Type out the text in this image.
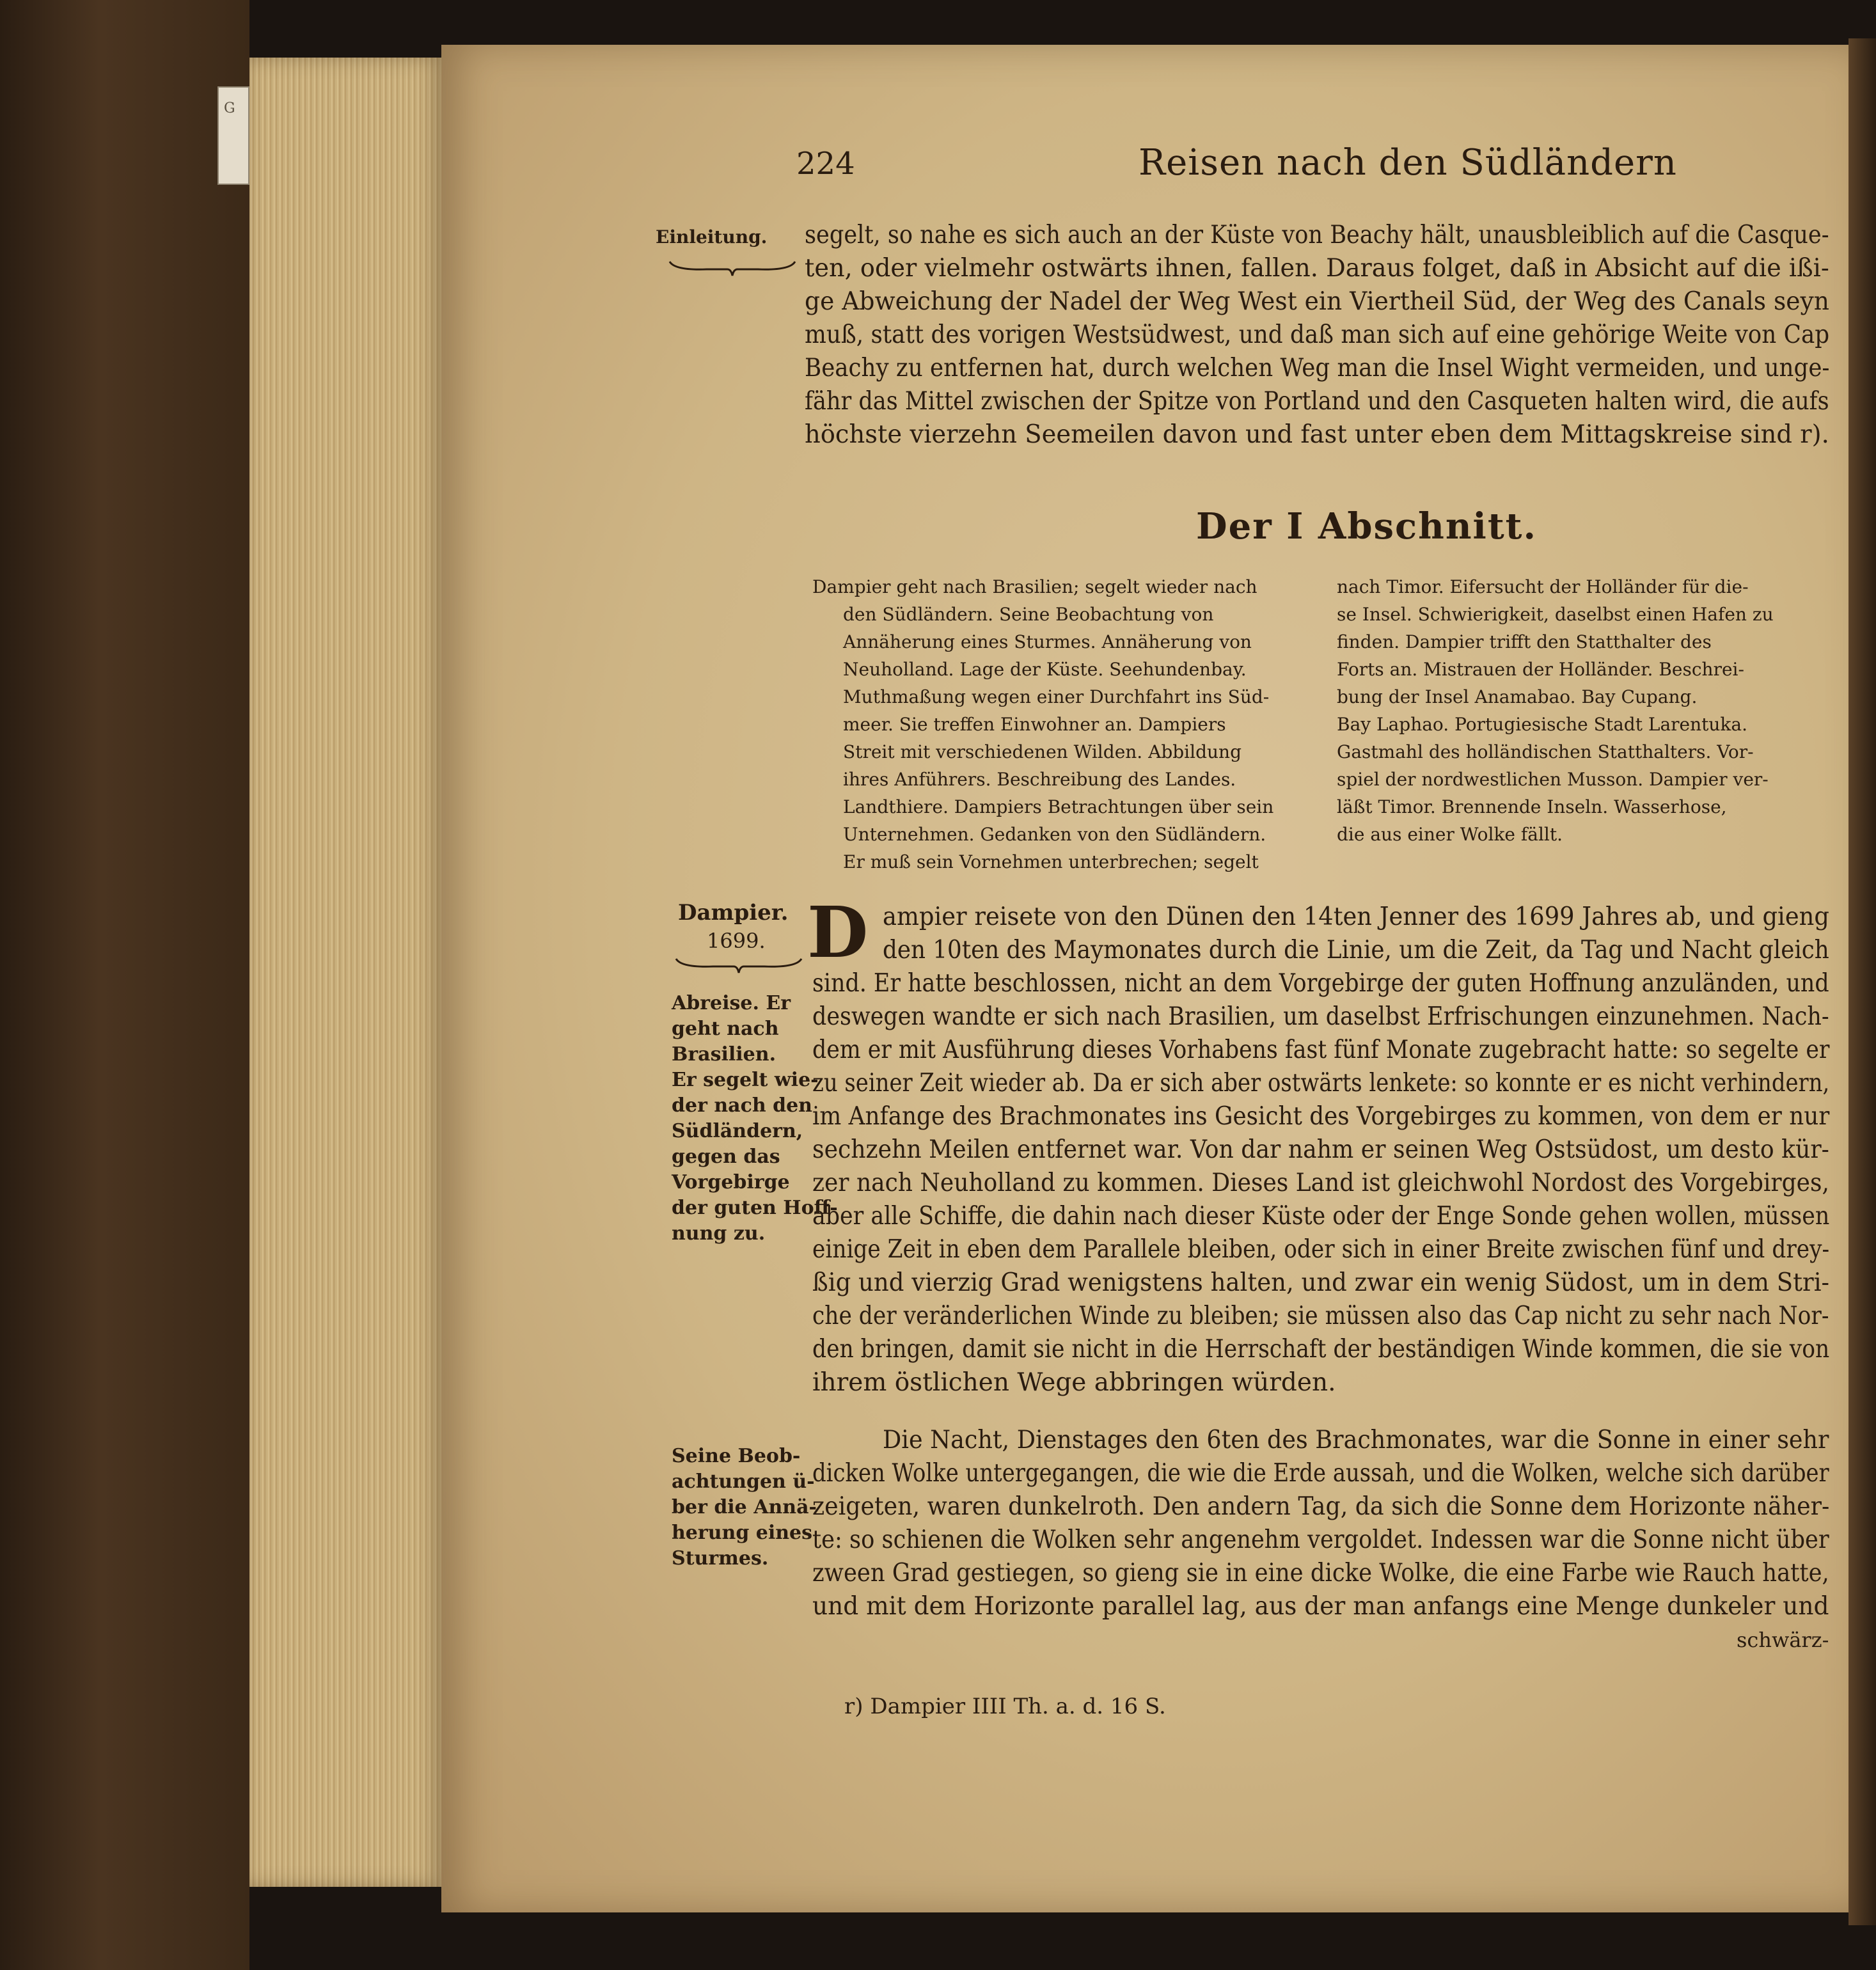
G
224	Reisen nach den Südländern
Einleitung. segelt, so nahe es sich auch an der Küste von Beachy hält, unausbleiblich auf die Casque-
ten, oder vielmehr ostwärts ihnen, fallen. Daraus folget, daß in Absicht auf die ißi-
ge Abweichung der Nadel der Weg West ein Viertheil Süd, der Weg des Canals seyn
muß, statt des vorigen Westsüdwest, und daß man sich auf eine gehörige Weite von Cap
Beachy zu entfernen hat, durch welchen Weg man die Insel Wight vermeiden, und unge-
fähr das Mittel zwischen der Spitze von Portland und den Casqueten halten wird, die aufs
höchste vierzehn Seemeilen davon und fast unter eben dem Mittagskreise sind r).
Der I Abschnitt.
Dampier geht nach Brasilien; segelt wieder nach
den Südländern. Seine Beobachtung von
Annäherung eines Sturmes. Annäherung von
Neuholland. Lage der Küste. Seehundenbay.
Muthmaßung wegen einer Durchfahrt ins Süd-
meer. Sie treffen Einwohner an. Dampiers
Streit mit verschiedenen Wilden. Abbildung
ihres Anführers. Beschreibung des Landes.
Landthiere. Dampiers Betrachtungen über sein
Unternehmen. Gedanken von den Südländern.
Er muß sein Vornehmen unterbrechen; segelt
nach Timor. Eifersucht der Holländer für die-
se Insel. Schwierigkeit, daselbst einen Hafen zu
finden. Dampier trifft den Statthalter des
Forts an. Mistrauen der Holländer. Beschrei-
bung der Insel Anamabao. Bay Cupang.
Bay Laphao. Portugiesische Stadt Larentuka.
Gastmahl des holländischen Statthalters. Vor-
spiel der nordwestlichen Musson. Dampier ver-
läßt Timor. Brennende Inseln. Wasserhose,
die aus einer Wolke fällt.
Dampier.
1699.
Abreise. Er
geht nach
Brasilien.
Er segelt wie-
der nach den
Südländern,
gegen das
Vorgebirge
der guten Hoff-
nung zu.
D ampier reisete von den Dünen den 14ten Jenner des 1699 Jahres ab, und gieng
den 10ten des Maymonates durch die Linie, um die Zeit, da Tag und Nacht gleich
sind. Er hatte beschlossen, nicht an dem Vorgebirge der guten Hoffnung anzuländen, und
deswegen wandte er sich nach Brasilien, um daselbst Erfrischungen einzunehmen. Nach-
dem er mit Ausführung dieses Vorhabens fast fünf Monate zugebracht hatte: so segelte er
zu seiner Zeit wieder ab. Da er sich aber ostwärts lenkete: so konnte er es nicht verhindern,
im Anfange des Brachmonates ins Gesicht des Vorgebirges zu kommen, von dem er nur
sechzehn Meilen entfernet war. Von dar nahm er seinen Weg Ostsüdost, um desto kür-
zer nach Neuholland zu kommen. Dieses Land ist gleichwohl Nordost des Vorgebirges,
aber alle Schiffe, die dahin nach dieser Küste oder der Enge Sonde gehen wollen, müssen
einige Zeit in eben dem Parallele bleiben, oder sich in einer Breite zwischen fünf und drey-
ßig und vierzig Grad wenigstens halten, und zwar ein wenig Südost, um in dem Stri-
che der veränderlichen Winde zu bleiben; sie müssen also das Cap nicht zu sehr nach Nor-
den bringen, damit sie nicht in die Herrschaft der beständigen Winde kommen, die sie von
ihrem östlichen Wege abbringen würden.
Seine Beob-
achtungen ü-
ber die Annä-
herung eines
Sturmes.
Die Nacht, Dienstages den 6ten des Brachmonates, war die Sonne in einer sehr
dicken Wolke untergegangen, die wie die Erde aussah, und die Wolken, welche sich darüber
zeigeten, waren dunkelroth. Den andern Tag, da sich die Sonne dem Horizonte näher-
te: so schienen die Wolken sehr angenehm vergoldet. Indessen war die Sonne nicht über
zween Grad gestiegen, so gieng sie in eine dicke Wolke, die eine Farbe wie Rauch hatte,
und mit dem Horizonte parallel lag, aus der man anfangs eine Menge dunkeler und
schwärz-
r) Dampier IIII Th. a. d. 16 S.
